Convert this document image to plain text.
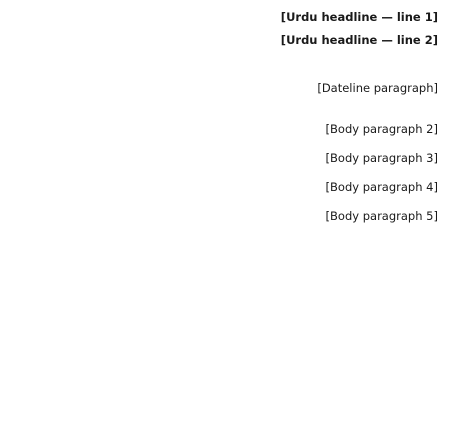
[Urdu headline — line 1]
[Urdu headline — line 2]

[Dateline paragraph]

[Body paragraph 2]

[Body paragraph 3]

[Body paragraph 4]

[Body paragraph 5]
